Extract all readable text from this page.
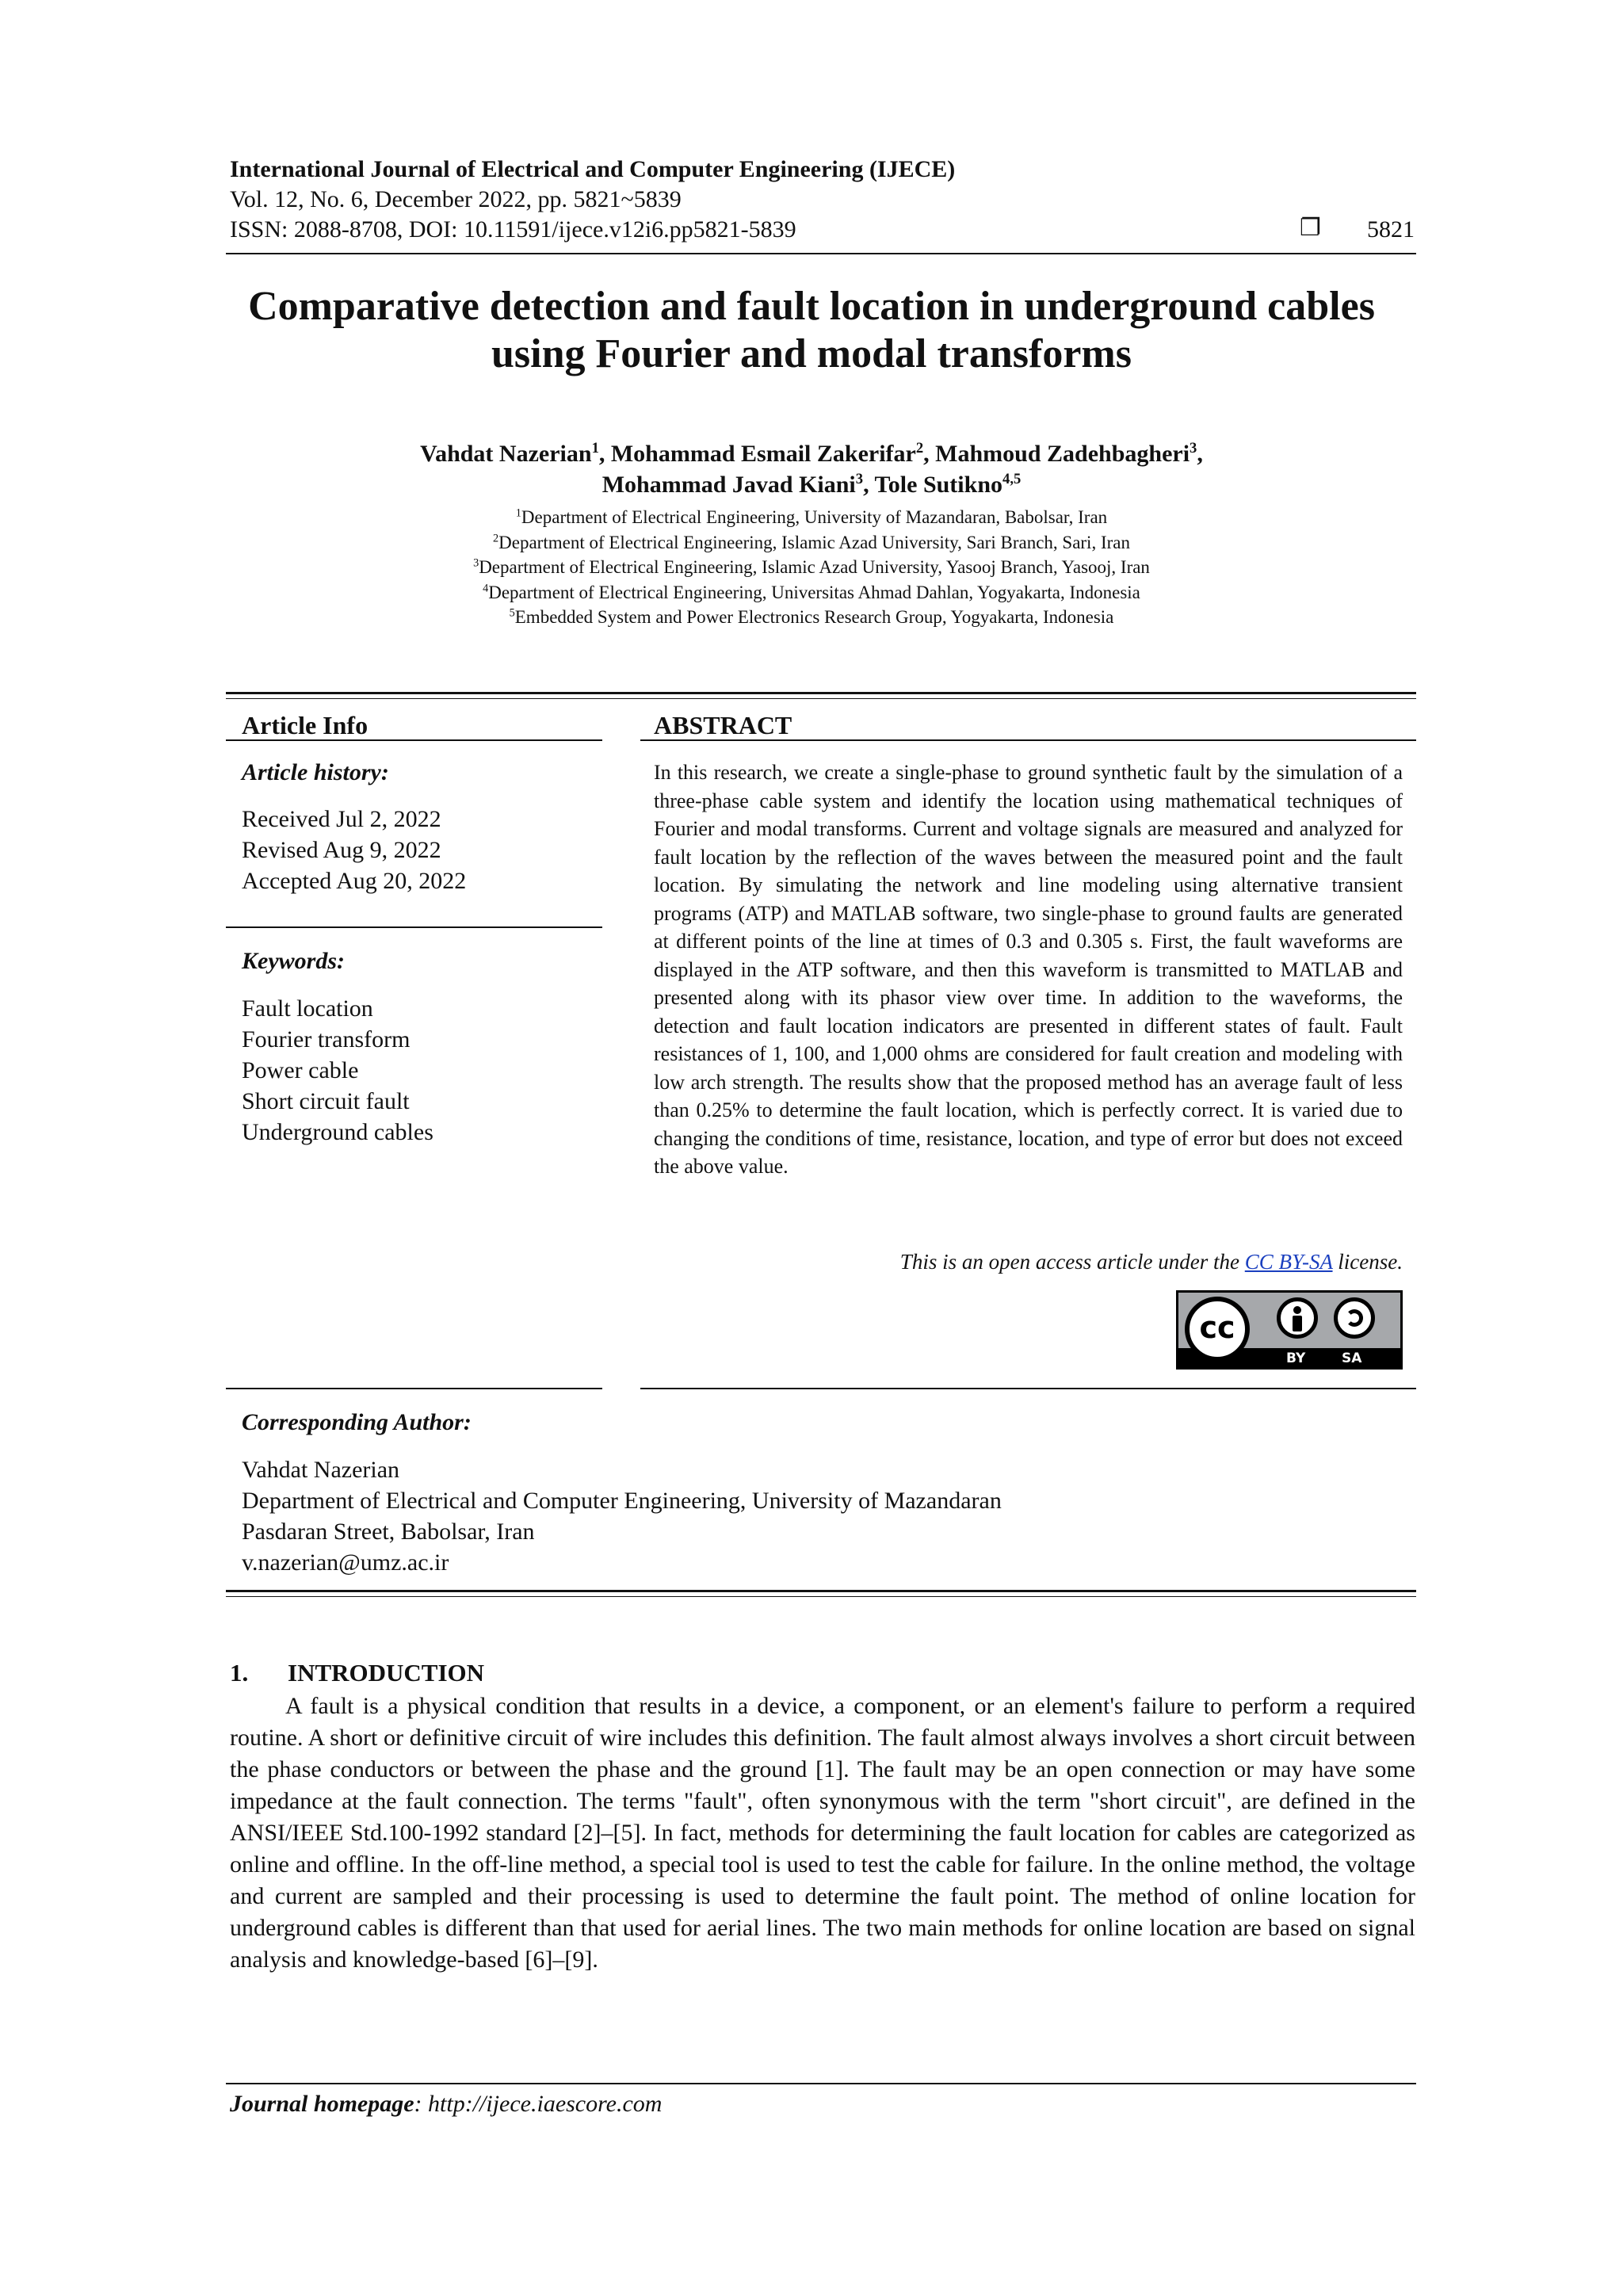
International Journal of Electrical and Computer Engineering (IJECE)
Vol. 12, No. 6, December 2022, pp. 5821~5839
ISSN: 2088-8708, DOI: 10.11591/ijece.v12i6.pp5821-5839	❐	5821
Comparative detection and fault location in underground cables
using Fourier and modal transforms
Vahdat Nazerian$^1$, Mohammad Esmail Zakerifar$^2$, Mahmoud Zadehbagheri$^3$,
Mohammad Javad Kiani$^3$, Tole Sutikno$^{4,5}$
$^1$Department of Electrical Engineering, University of Mazandaran, Babolsar, Iran
$^2$Department of Electrical Engineering, Islamic Azad University, Sari Branch, Sari, Iran
$^3$Department of Electrical Engineering, Islamic Azad University, Yasooj Branch, Yasooj, Iran
$^4$Department of Electrical Engineering, Universitas Ahmad Dahlan, Yogyakarta, Indonesia
$^5$Embedded System and Power Electronics Research Group, Yogyakarta, Indonesia
Article Info
Article history:
Received Jul 2, 2022
Revised Aug 9, 2022
Accepted Aug 20, 2022
Keywords:
Fault location
Fourier transform
Power cable
Short circuit fault
Underground cables
ABSTRACT
In this research, we create a single-phase to ground synthetic fault by the simulation of a three-phase cable system and identify the location using mathematical techniques of Fourier and modal transforms. Current and voltage signals are measured and analyzed for fault location by the reflection of the waves between the measured point and the fault location. By simulating the network and line modeling using alternative transient programs (ATP) and MATLAB software, two single-phase to ground faults are generated at different points of the line at times of 0.3 and 0.305 s. First, the fault waveforms are displayed in the ATP software, and then this waveform is transmitted to MATLAB and presented along with its phasor view over time. In addition to the waveforms, the detection and fault location indicators are presented in different states of fault. Fault resistances of 1, 100, and 1,000 ohms are considered for fault creation and modeling with low arch strength. The results show that the proposed method has an average fault of less than 0.25% to determine the fault location, which is perfectly correct. It is varied due to changing the conditions of time, resistance, location, and type of error but does not exceed the above value.
This is an open access article under the CC BY-SA license.
cc
BY	SA
Corresponding Author:
Vahdat Nazerian
Department of Electrical and Computer Engineering, University of Mazandaran
Pasdaran Street, Babolsar, Iran
v.nazerian@umz.ac.ir
1. INTRODUCTION
A fault is a physical condition that results in a device, a component, or an element's failure to perform a required routine. A short or definitive circuit of wire includes this definition. The fault almost always involves a short circuit between the phase conductors or between the phase and the ground [1]. The fault may be an open connection or may have some impedance at the fault connection. The terms "fault", often synonymous with the term "short circuit", are defined in the ANSI/IEEE Std.100-1992 standard [2]–[5]. In fact, methods for determining the fault location for cables are categorized as online and offline. In the off-line method, a special tool is used to test the cable for failure. In the online method, the voltage and current are sampled and their processing is used to determine the fault point. The method of online location for underground cables is different than that used for aerial lines. The two main methods for online location are based on signal analysis and knowledge-based [6]–[9].
Journal homepage: http://ijece.iaescore.com
